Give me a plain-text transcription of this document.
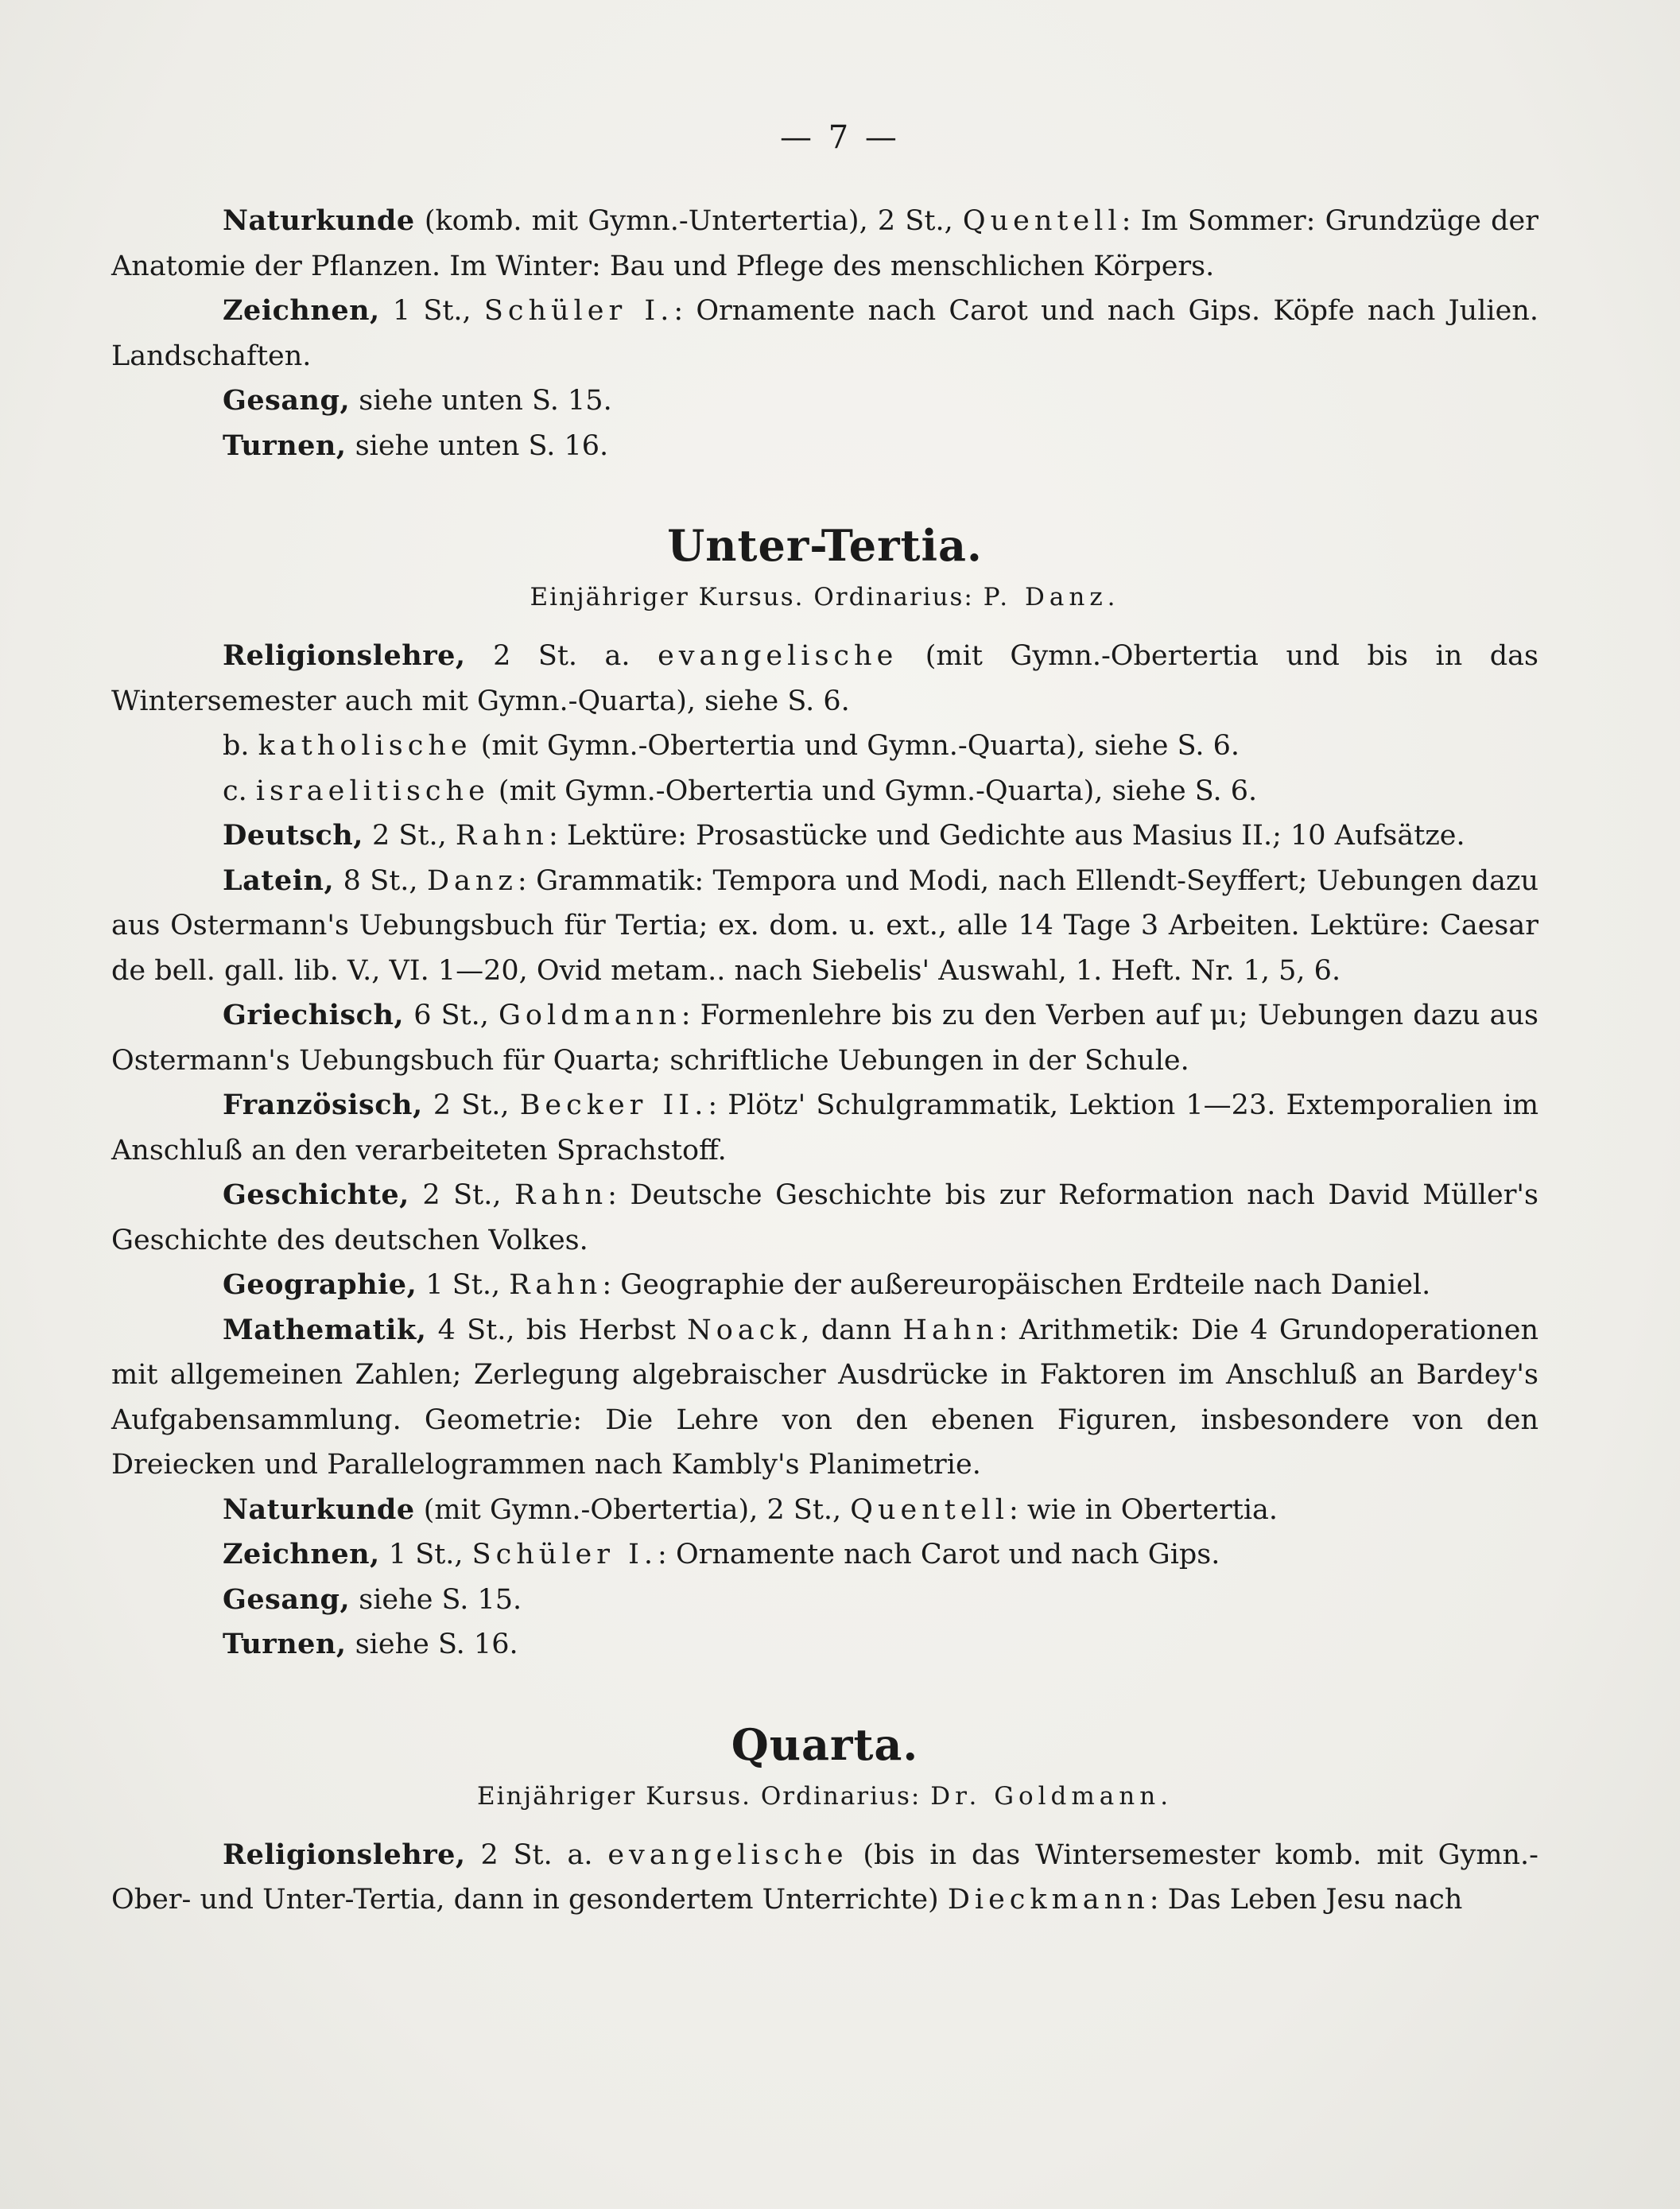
— 7 —

Naturkunde (komb. mit Gymn.-Untertertia), 2 St., Quentell: Im Sommer: Grundzüge der Anatomie der Pflanzen. Im Winter: Bau und Pflege des menschlichen Körpers.

Zeichnen, 1 St., Schüler I.: Ornamente nach Carot und nach Gips. Köpfe nach Julien. Landschaften.

Gesang, siehe unten S. 15.

Turnen, siehe unten S. 16.

Unter-Tertia.
Einjähriger Kursus. Ordinarius: P. Danz.

Religionslehre, 2 St. a. evangelische (mit Gymn.-Obertertia und bis in das Wintersemester auch mit Gymn.-Quarta), siehe S. 6.

b. katholische (mit Gymn.-Obertertia und Gymn.-Quarta), siehe S. 6.

c. israelitische (mit Gymn.-Obertertia und Gymn.-Quarta), siehe S. 6.

Deutsch, 2 St., Rahn: Lektüre: Prosastücke und Gedichte aus Masius II.; 10 Aufsätze.

Latein, 8 St., Danz: Grammatik: Tempora und Modi, nach Ellendt-Seyffert; Uebungen dazu aus Ostermann's Uebungsbuch für Tertia; ex. dom. u. ext., alle 14 Tage 3 Arbeiten. Lektüre: Caesar de bell. gall. lib. V., VI. 1—20, Ovid metam.. nach Siebelis' Auswahl, 1. Heft. Nr. 1, 5, 6.

Griechisch, 6 St., Goldmann: Formenlehre bis zu den Verben auf μι; Uebungen dazu aus Ostermann's Uebungsbuch für Quarta; schriftliche Uebungen in der Schule.

Französisch, 2 St., Becker II.: Plötz' Schulgrammatik, Lektion 1—23. Extemporalien im Anschluß an den verarbeiteten Sprachstoff.

Geschichte, 2 St., Rahn: Deutsche Geschichte bis zur Reformation nach David Müller's Geschichte des deutschen Volkes.

Geographie, 1 St., Rahn: Geographie der außereuropäischen Erdteile nach Daniel.

Mathematik, 4 St., bis Herbst Noack, dann Hahn: Arithmetik: Die 4 Grundoperationen mit allgemeinen Zahlen; Zerlegung algebraischer Ausdrücke in Faktoren im Anschluß an Bardey's Aufgabensammlung. Geometrie: Die Lehre von den ebenen Figuren, insbesondere von den Dreiecken und Parallelogrammen nach Kambly's Planimetrie.

Naturkunde (mit Gymn.-Obertertia), 2 St., Quentell: wie in Obertertia.

Zeichnen, 1 St., Schüler I.: Ornamente nach Carot und nach Gips.

Gesang, siehe S. 15.

Turnen, siehe S. 16.

Quarta.
Einjähriger Kursus. Ordinarius: Dr. Goldmann.

Religionslehre, 2 St. a. evangelische (bis in das Wintersemester komb. mit Gymn.-Ober- und Unter-Tertia, dann in gesondertem Unterrichte) Dieckmann: Das Leben Jesu nach
